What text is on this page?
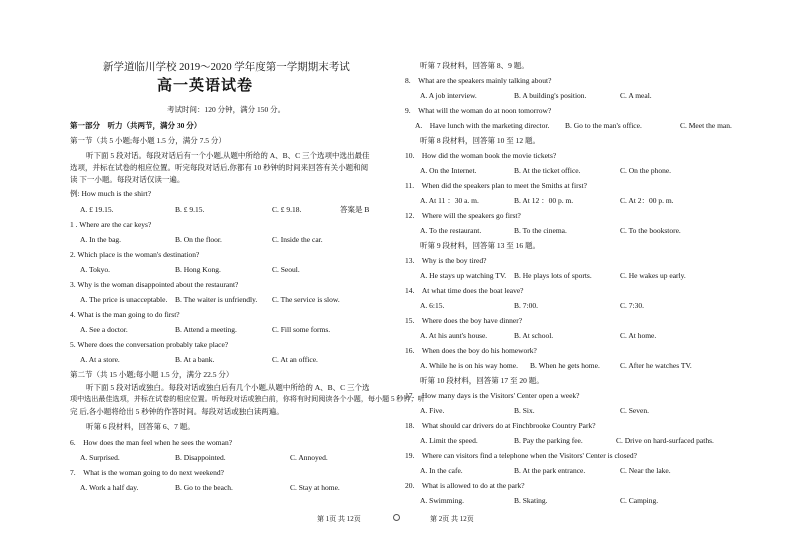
新学道临川学校 2019～2020 学年度第一学期期末考试
高一英语试卷
考试时间：120 分钟，满分 150 分。
第一部分　听力（共两节，满分 30 分）
第一节（共 5 小题;每小题 1.5 分，满分 7.5 分）
听下面 5 段对话。每段对话后有一个小题,从题中所给的 A、B、C 三个选项中选出最佳
选项，并标在试卷的相应位置。听完每段对话后,你都有 10 秒钟的时间来回答有关小题和阅
读 下一小题。每段对话仅读一遍。
例: How much is the shirt?
A. £ 19.15.	B. £ 9.15.	C. £ 9.18.	答案是 B
1 . Where are the car keys?
A. In the bag.	B. On the floor.	C. Inside the car.
2. Which place is the woman's destination?
A. Tokyo.	B. Hong Kong.	C. Seoul.
3. Why is the woman disappointed about the restaurant?
A. The price is unacceptable. B. The waiter is unfriendly. C. The service is slow.
4. What is the man going to do first?
A. See a doctor.	B. Attend a meeting.	C. Fill some forms.
5. Where does the conversation probably take place?
A. At a store.	B. At a bank.	C. At an office.
第二节（共 15 小题;每小题 1.5 分，满分 22.5 分）
听下面 5 段对话或独白。每段对话或独白后有几个小题,从题中所给的 A、B、C 三个选
项中选出最佳选项，并标在试卷的相应位置。听每段对话或独白前，你将有时间阅读各个小题，每小题 5 秒钟；听
完 后,各小题将给出 5 秒钟的作答时间。每段对话或独白读两遍。
听第 6 段材料，回答第 6、7 题。
6.　How does the man feel when he sees the woman?
A. Surprised.	B. Disappointed.	C. Annoyed.
7.　What is the woman going to do next weekend?
A. Work a half day.	B. Go to the beach.	C. Stay at home.
第 1页 共 12页
听第 7 段材料，回答第 8、9 题。
8.　What are the speakers mainly talking about?
A. A job interview.	B. A building's position.	C. A meal.
9.　What will the woman do at noon tomorrow?
A.　Have lunch with the marketing director. B. Go to the man's office.	C. Meet the man.
听第 8 段材料，回答第 10 至 12 题。
10.　How did the woman book the movie tickets?
A. On the Internet.	B. At the ticket office.	C. On the phone.
11.　When did the speakers plan to meet the Smiths at first?
A. At 11 ：30 a. m.	B. At 12 ：00 p. m.	C. At 2：00 p. m.
12.　Where will the speakers go first?
A. To the restaurant.	B. To the cinema.	C. To the bookstore.
听第 9 段材料，回答第 13 至 16 题。
13.　Why is the boy tired?
A. He stays up watching TV. B. He plays lots of sports.	C. He wakes up early.
14.　At what time does the boat leave?
A. 6:15.	B. 7:00.	C. 7:30.
15.　Where does the boy have dinner?
A. At his aunt's house.	B. At school.	C. At home.
16.　When does the boy do his homework?
A. While he is on his way home. B. When he gets home.	C. After he watches TV.
听第 10 段材料，回答第 17 至 20 题。
17.　How many days is the Visitors' Center open a week?
A. Five.	B. Six.	C. Seven.
18.　What should car drivers do at Finchbrooke Country Park?
A. Limit the speed.	B. Pay the parking fee.	C. Drive on hard-surfaced paths.
19.　Where can visitors find a telephone when the Visitors' Center is closed?
A. In the cafe.	B. At the park entrance.	C. Near the lake.
20.　What is allowed to do at the park?
A. Swimming.	B. Skating.	C. Camping.
第 2页 共 12页
